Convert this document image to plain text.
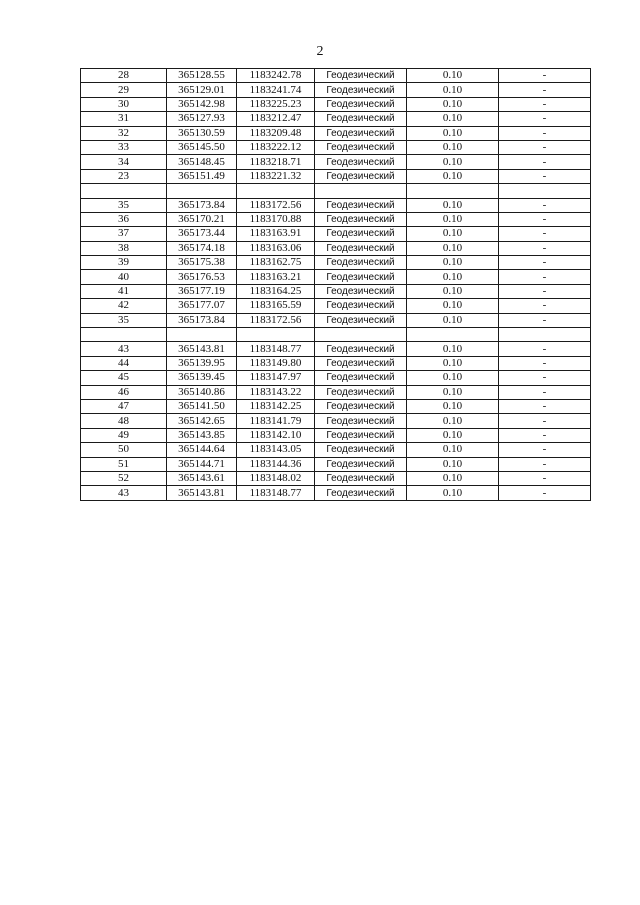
2
28	365128.55	1183242.78	Геодезический	0.10	-
29	365129.01	1183241.74	Геодезический	0.10	-
30	365142.98	1183225.23	Геодезический	0.10	-
31	365127.93	1183212.47	Геодезический	0.10	-
32	365130.59	1183209.48	Геодезический	0.10	-
33	365145.50	1183222.12	Геодезический	0.10	-
34	365148.45	1183218.71	Геодезический	0.10	-
23	365151.49	1183221.32	Геодезический	0.10	-

35	365173.84	1183172.56	Геодезический	0.10	-
36	365170.21	1183170.88	Геодезический	0.10	-
37	365173.44	1183163.91	Геодезический	0.10	-
38	365174.18	1183163.06	Геодезический	0.10	-
39	365175.38	1183162.75	Геодезический	0.10	-
40	365176.53	1183163.21	Геодезический	0.10	-
41	365177.19	1183164.25	Геодезический	0.10	-
42	365177.07	1183165.59	Геодезический	0.10	-
35	365173.84	1183172.56	Геодезический	0.10	-

43	365143.81	1183148.77	Геодезический	0.10	-
44	365139.95	1183149.80	Геодезический	0.10	-
45	365139.45	1183147.97	Геодезический	0.10	-
46	365140.86	1183143.22	Геодезический	0.10	-
47	365141.50	1183142.25	Геодезический	0.10	-
48	365142.65	1183141.79	Геодезический	0.10	-
49	365143.85	1183142.10	Геодезический	0.10	-
50	365144.64	1183143.05	Геодезический	0.10	-
51	365144.71	1183144.36	Геодезический	0.10	-
52	365143.61	1183148.02	Геодезический	0.10	-
43	365143.81	1183148.77	Геодезический	0.10	-
